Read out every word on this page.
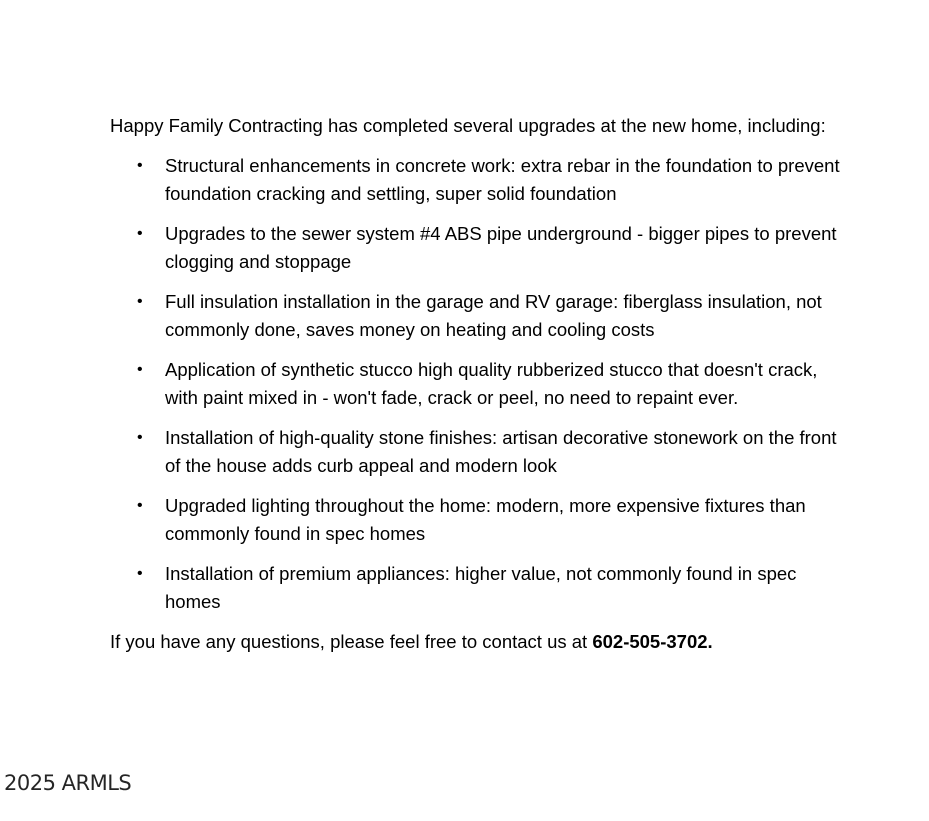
Happy Family Contracting has completed several upgrades at the new home, including:

• Structural enhancements in concrete work: extra rebar in the foundation to prevent foundation cracking and settling, super solid foundation
• Upgrades to the sewer system #4 ABS pipe underground - bigger pipes to prevent clogging and stoppage
• Full insulation installation in the garage and RV garage: fiberglass insulation, not commonly done, saves money on heating and cooling costs
• Application of synthetic stucco high quality rubberized stucco that doesn't crack, with paint mixed in - won't fade, crack or peel, no need to repaint ever.
• Installation of high-quality stone finishes: artisan decorative stonework on the front of the house adds curb appeal and modern look
• Upgraded lighting throughout the home: modern, more expensive fixtures than commonly found in spec homes
• Installation of premium appliances: higher value, not commonly found in spec homes

If you have any questions, please feel free to contact us at 602-505-3702.

2025 ARMLS
